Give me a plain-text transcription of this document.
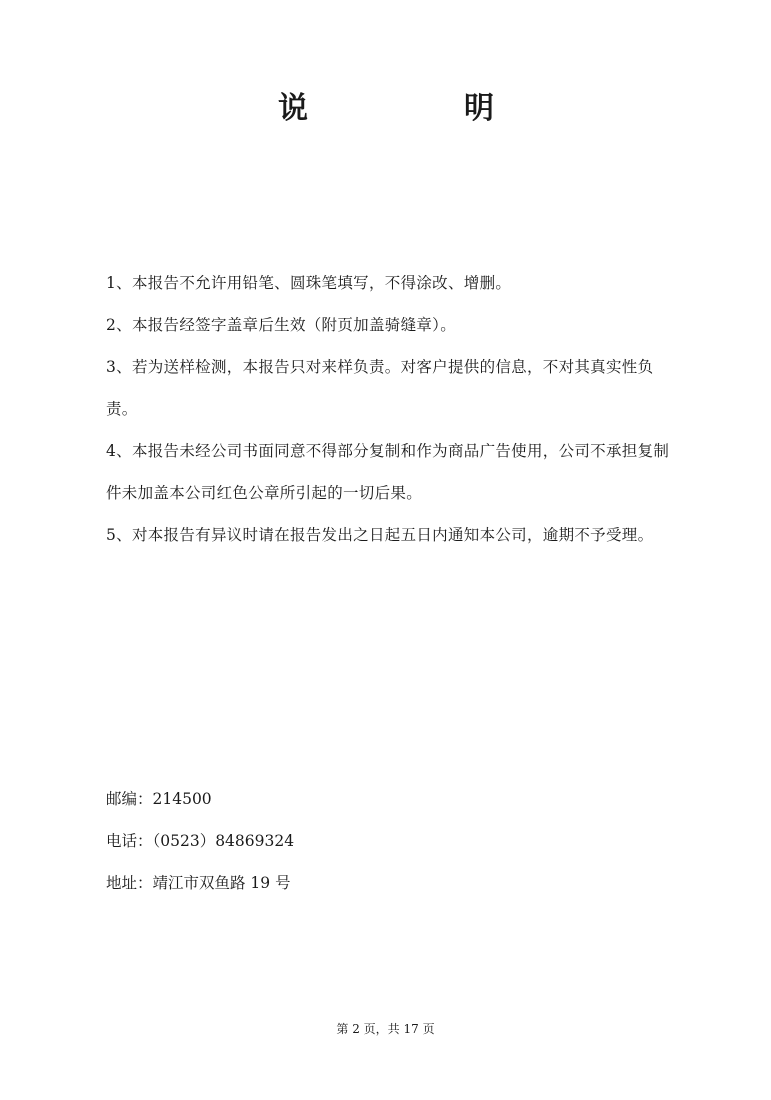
说	明

1、本报告不允许用铅笔、圆珠笔填写，不得涂改、增删。

2、本报告经签字盖章后生效（附页加盖骑缝章）。

3、若为送样检测，本报告只对来样负责。对客户提供的信息，不对其真实性负责。

4、本报告未经公司书面同意不得部分复制和作为商品广告使用，公司不承担复制件未加盖本公司红色公章所引起的一切后果。

5、对本报告有异议时请在报告发出之日起五日内通知本公司，逾期不予受理。

邮编：214500

电话：（0523）84869324

地址：靖江市双鱼路 19 号

第 2 页，共 17 页
